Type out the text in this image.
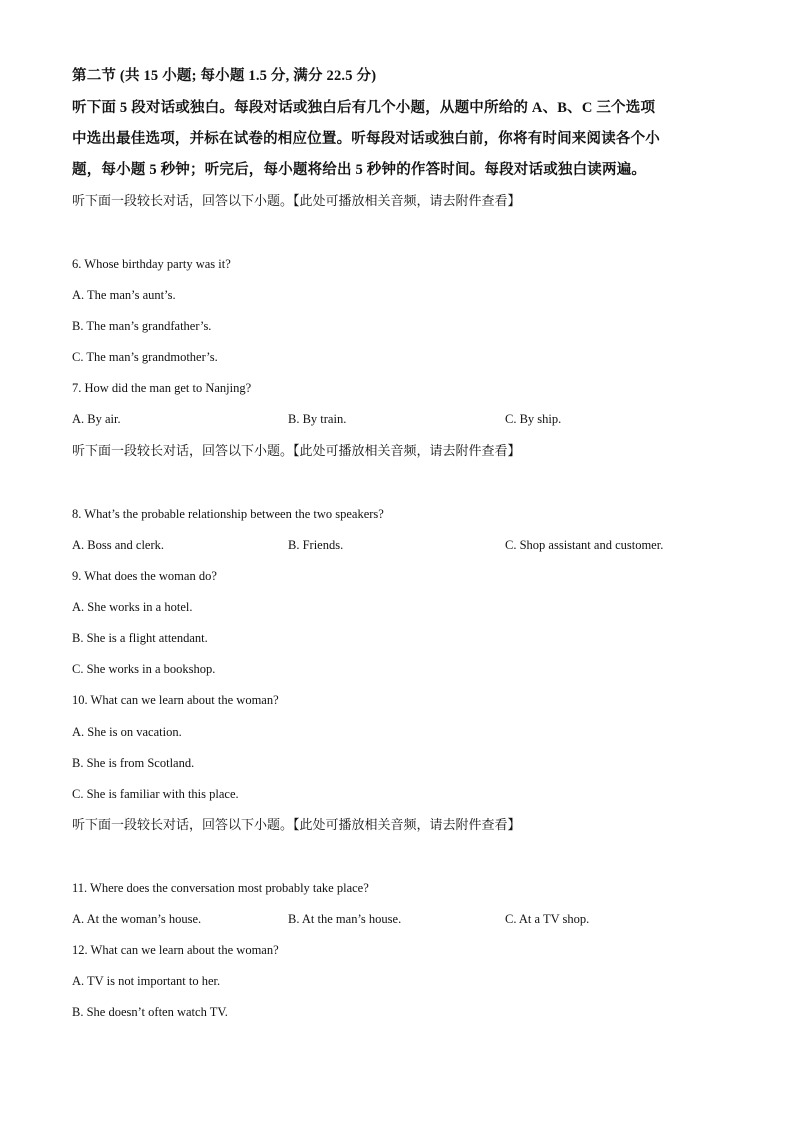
第二节 (共 15 小题; 每小题 1.5 分, 满分 22.5 分)
听下面 5 段对话或独白。每段对话或独白后有几个小题，从题中所给的 A、B、C 三个选项
中选出最佳选项，并标在试卷的相应位置。听每段对话或独白前，你将有时间来阅读各个小
题，每小题 5 秒钟；听完后，每小题将给出 5 秒钟的作答时间。每段对话或独白读两遍。
听下面一段较长对话，回答以下小题。【此处可播放相关音频，请去附件查看】
6. Whose birthday party was it?
A. The man’s aunt’s.
B. The man’s grandfather’s.
C. The man’s grandmother’s.
7. How did the man get to Nanjing?
A. By air.	B. By train.	C. By ship.
听下面一段较长对话，回答以下小题。【此处可播放相关音频，请去附件查看】
8. What’s the probable relationship between the two speakers?
A. Boss and clerk.	B. Friends.	C. Shop assistant and customer.
9. What does the woman do?
A. She works in a hotel.
B. She is a flight attendant.
C. She works in a bookshop.
10. What can we learn about the woman?
A. She is on vacation.
B. She is from Scotland.
C. She is familiar with this place.
听下面一段较长对话，回答以下小题。【此处可播放相关音频，请去附件查看】
11. Where does the conversation most probably take place?
A. At the woman’s house.	B. At the man’s house.	C. At a TV shop.
12. What can we learn about the woman?
A. TV is not important to her.
B. She doesn’t often watch TV.
